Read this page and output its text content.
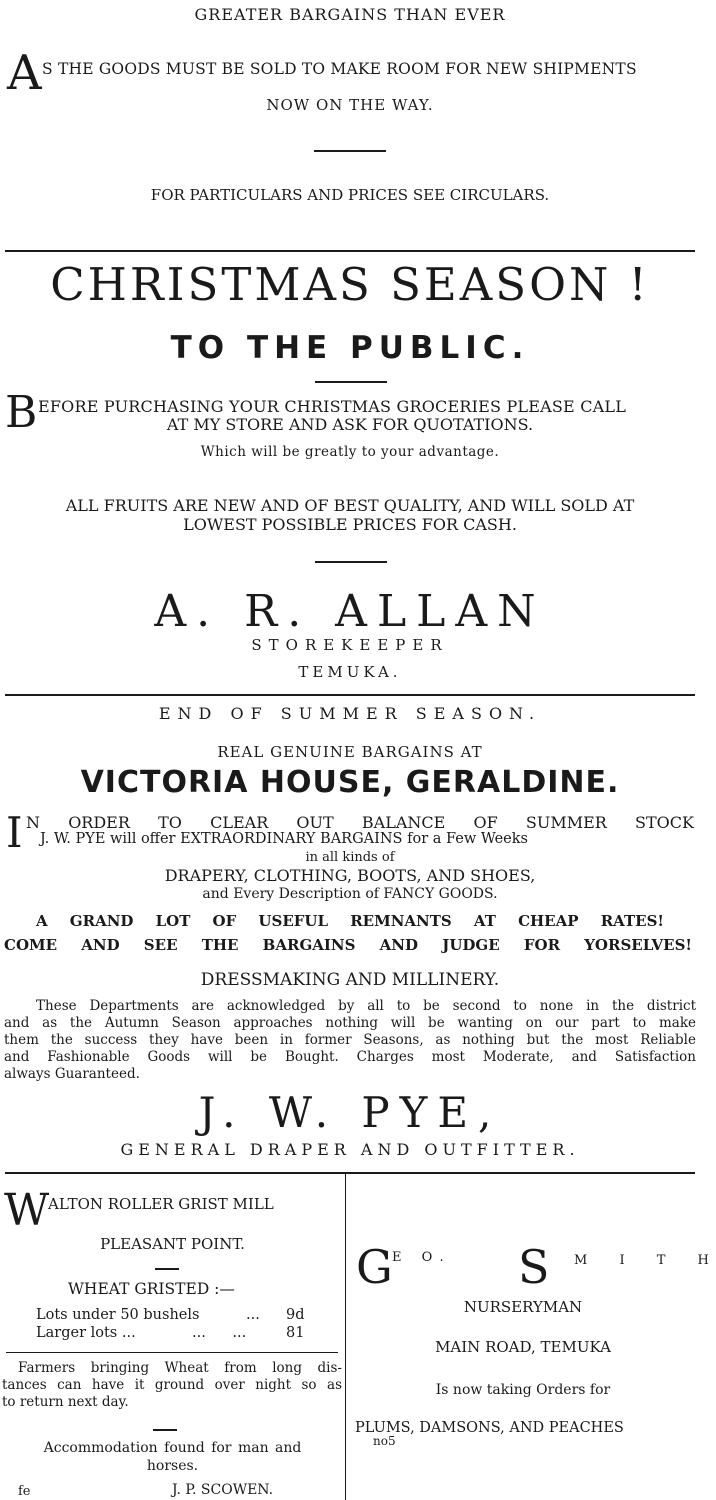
GREATER BARGAINS THAN EVER
A S THE GOODS MUST BE SOLD TO MAKE ROOM FOR NEW SHIPMENTS
NOW ON THE WAY.
FOR PARTICULARS AND PRICES SEE CIRCULARS.
CHRISTMAS SEASON !
TO THE PUBLIC.
B EFORE PURCHASING YOUR CHRISTMAS GROCERIES PLEASE CALL
AT MY STORE AND ASK FOR QUOTATIONS.
Which will be greatly to your advantage.
ALL FRUITS ARE NEW AND OF BEST QUALITY, AND WILL SOLD AT
LOWEST POSSIBLE PRICES FOR CASH.
A. R. ALLAN
STOREKEEPER
TEMUKA.
END OF SUMMER SEASON.
REAL GENUINE BARGAINS AT
VICTORIA HOUSE, GERALDINE.
I N ORDER TO CLEAR OUT BALANCE OF SUMMER STOCK
J. W. PYE will offer EXTRAORDINARY BARGAINS for a Few Weeks
in all kinds of
DRAPERY, CLOTHING, BOOTS, AND SHOES,
and Every Description of FANCY GOODS.
A GRAND LOT OF USEFUL REMNANTS AT CHEAP RATES!
COME AND SEE THE BARGAINS AND JUDGE FOR YORSELVES!
DRESSMAKING AND MILLINERY.
These Departments are acknowledged by all to be second to none in the district
and as the Autumn Season approaches nothing will be wanting on our part to make
them the success they have been in former Seasons, as nothing but the most Reliable
and Fashionable Goods will be Bought. Charges most Moderate, and Satisfaction
always Guaranteed.
J. W. PYE,
GENERAL DRAPER AND OUTFITTER.
W
ALTON ROLLER GRIST MILL
PLEASANT POINT.
WHEAT GRISTED :—
Lots under 50 bushels	... 9d
Larger lots ...	... ...	81
Farmers bringing Wheat from long dis-
tances can have it ground over night so as
to return next day.
Accommodation found for man and
horses.
fe	J. P. SCOWEN.
G E O. S M I T H
NURSERYMAN
MAIN ROAD, TEMUKA
Is now taking Orders for
PLUMS, DAMSONS, AND PEACHES
no5
